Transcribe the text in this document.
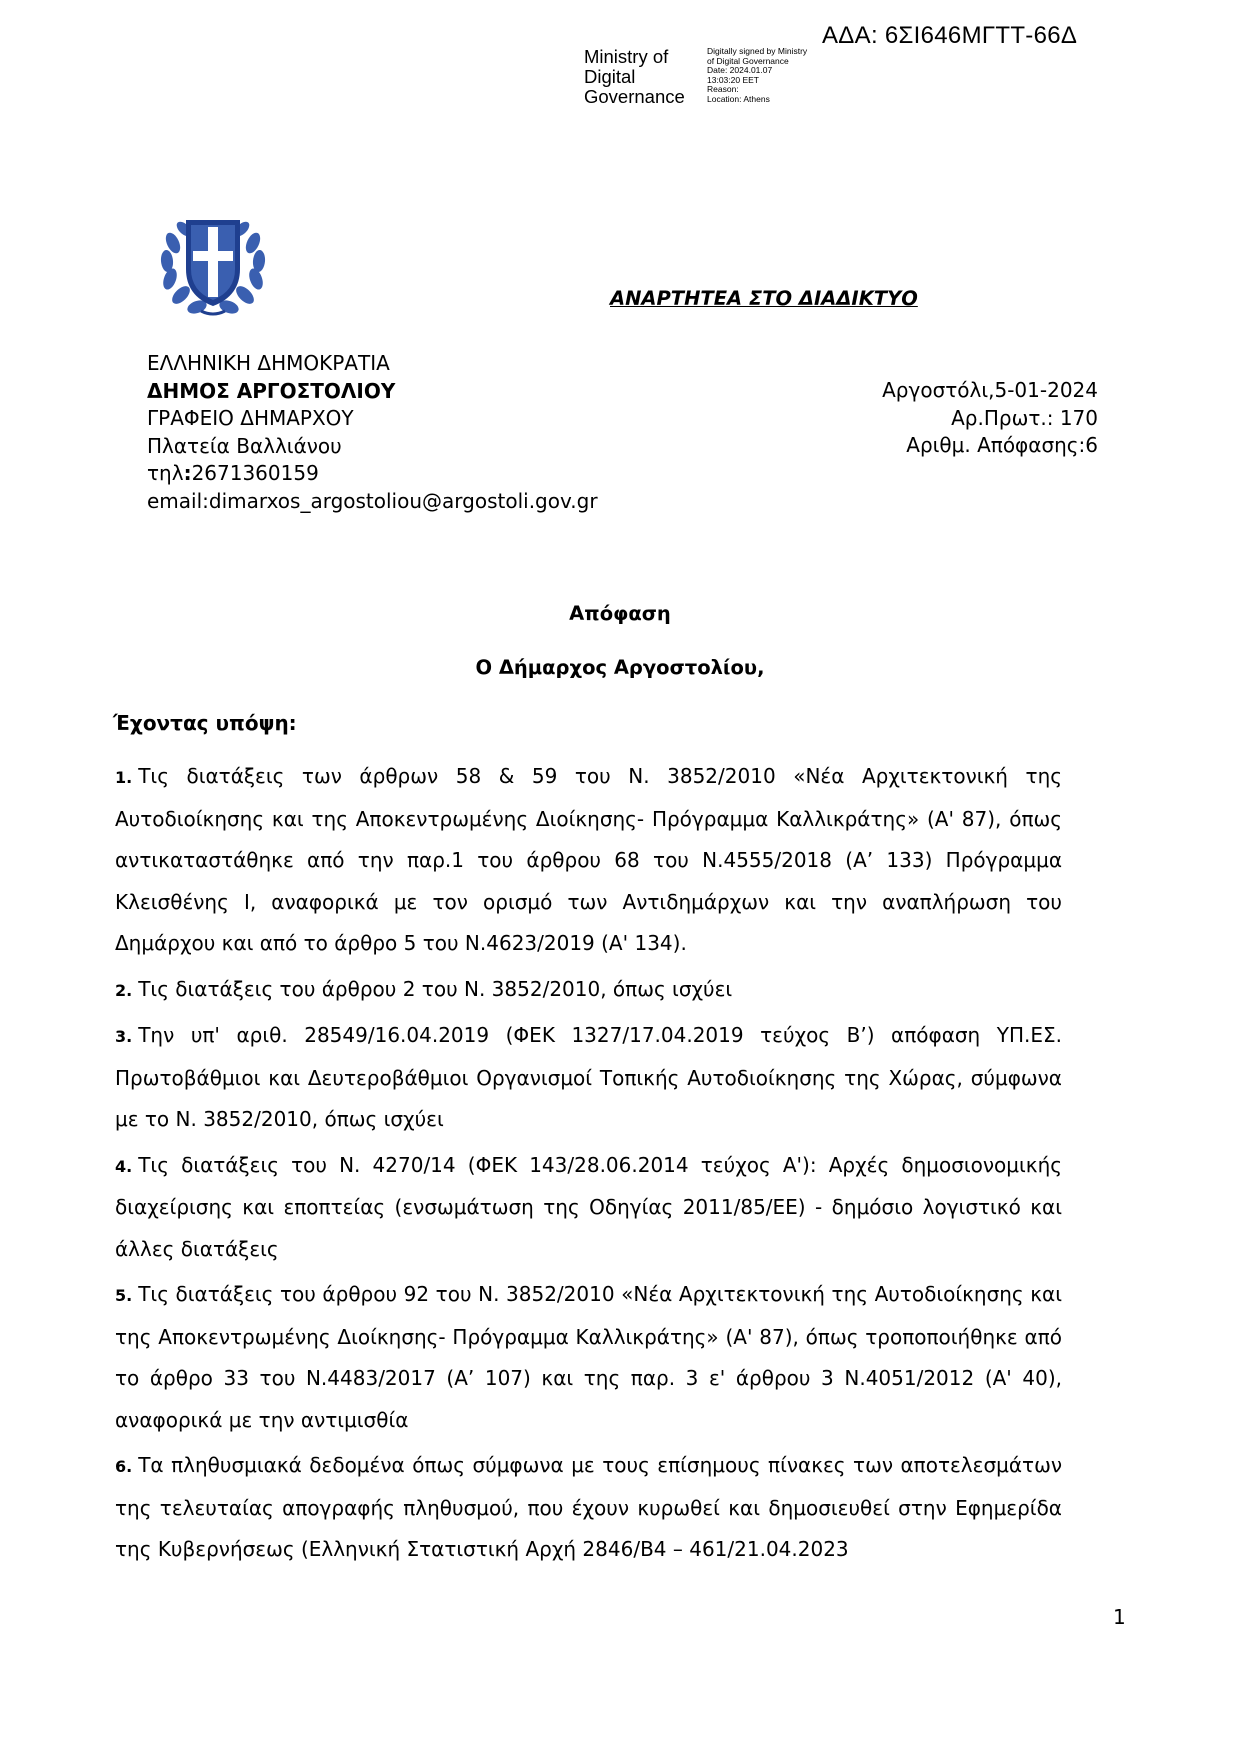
ΑΔΑ: 6ΣΙ646ΜΓΤΤ-66Δ
Ministry of Digital Governance
Digitally signed by Ministry
of Digital Governance
Date: 2024.01.07
13:03:20 EET
Reason:
Location: Athens
ΑΝΑΡΤΗΤΕΑ ΣΤΟ ΔΙΑΔΙΚΤΥΟ
ΕΛΛΗΝΙΚΗ ΔΗΜΟΚΡΑΤΙΑ
ΔΗΜΟΣ ΑΡΓΟΣΤΟΛΙΟΥ
ΓΡΑΦΕΙΟ ΔΗΜΑΡΧΟΥ
Πλατεία Βαλλιάνου
τηλ:2671360159
email:dimarxos_argostoliou@argostoli.gov.gr
Αργοστόλι,5-01-2024
Αρ.Πρωτ.: 170
Αριθμ. Απόφασης:6
Απόφαση
Ο Δήμαρχος Αργοστολίου,
Έχοντας υπόψη:

1. Τις διατάξεις των άρθρων 58 & 59 του Ν. 3852/2010 «Νέα Αρχιτεκτονική της Αυτοδιοίκησης και της Αποκεντρωμένης Διοίκησης- Πρόγραμμα Καλλικράτης» (Α' 87), όπως αντικαταστάθηκε από την παρ.1 του άρθρου 68 του Ν.4555/2018 (Α’ 133) Πρόγραμμα Κλεισθένης Ι, αναφορικά με τον ορισμό των Αντιδημάρχων και την αναπλήρωση του Δημάρχου και από το άρθρο 5 του Ν.4623/2019 (Α' 134).

2. Τις διατάξεις του άρθρου 2 του Ν. 3852/2010, όπως ισχύει

3. Την υπ' αριθ. 28549/16.04.2019 (ΦΕΚ 1327/17.04.2019 τεύχος Β’) απόφαση ΥΠ.ΕΣ. Πρωτοβάθμιοι και Δευτεροβάθμιοι Οργανισμοί Τοπικής Αυτοδιοίκησης της Χώρας, σύμφωνα με το Ν. 3852/2010, όπως ισχύει

4. Τις διατάξεις του Ν. 4270/14 (ΦΕΚ 143/28.06.2014 τεύχος Α'): Αρχές δημοσιονομικής διαχείρισης και εποπτείας (ενσωμάτωση της Οδηγίας 2011/85/ΕΕ) - δημόσιο λογιστικό και άλλες διατάξεις

5. Τις διατάξεις του άρθρου 92 του Ν. 3852/2010 «Νέα Αρχιτεκτονική της Αυτοδιοίκησης και της Αποκεντρωμένης Διοίκησης- Πρόγραμμα Καλλικράτης» (Α' 87), όπως τροποποιήθηκε από το άρθρο 33 του Ν.4483/2017 (Α’ 107) και της παρ. 3 ε' άρθρου 3 Ν.4051/2012 (Α' 40), αναφορικά με την αντιμισθία

6. Τα πληθυσμιακά δεδομένα όπως σύμφωνα με τους επίσημους πίνακες των αποτελεσμάτων της τελευταίας απογραφής πληθυσμού, που έχουν κυρωθεί και δημοσιευθεί στην Εφημερίδα της Κυβερνήσεως (Ελληνική Στατιστική Αρχή 2846/Β4 – 461/21.04.2023

1
